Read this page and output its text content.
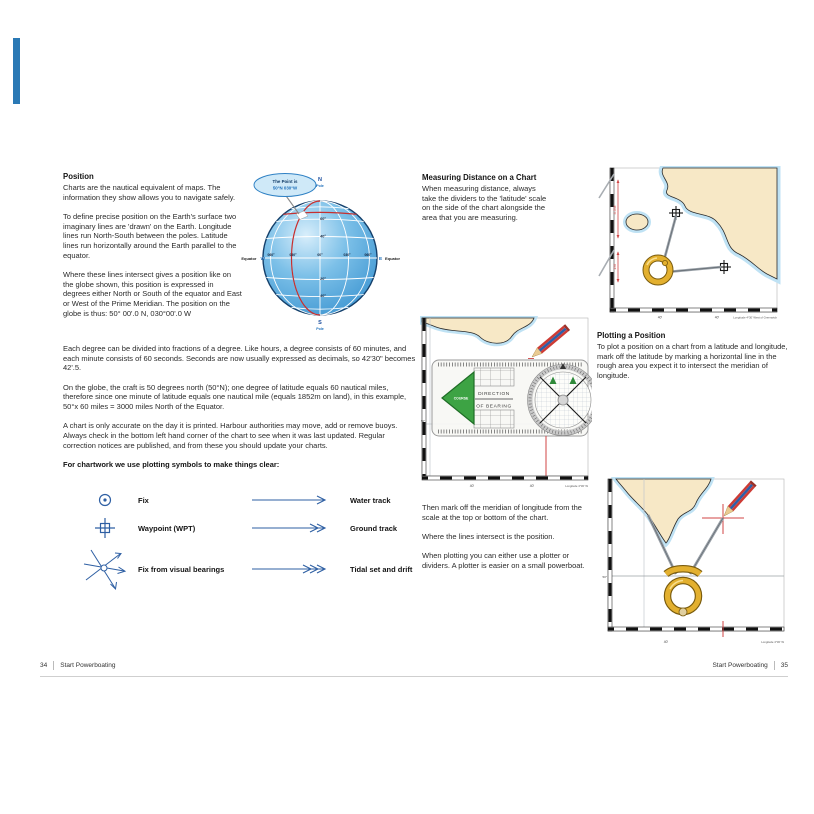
Position

Charts are the nautical equivalent of maps. The information they show allows you to navigate safely.

To define precise position on the Earth's surface two imaginary lines are 'drawn' on the Earth. Longitude lines run North-South between the poles. Latitude lines run horizontally around the Earth parallel to the equator.

Where these lines intersect gives a position like on the globe shown, this position is expressed in degrees either North or South of the equator and East or West of the Prime Meridian. The position on the globe is thus: 50° 00'.0 N, 030°00'.0 W

The Point is
50°N 030°W
N
Pole
S
Pole
Equator W	E Equator
60°
40°
20°
40°
060°	030°	00°	030°	060°

Each degree can be divided into fractions of a degree. Like hours, a degree consists of 60 minutes, and each minute consists of 60 seconds. Seconds are now usually expressed as decimals, so 42'30" becomes 42'.5.

On the globe, the craft is 50 degrees north (50°N); one degree of latitude equals 60 nautical miles, therefore since one minute of latitude equals one nautical mile (equals 1852m on land), in this example, 50°x 60 miles = 3000 miles North of the Equator.

A chart is only accurate on the day it is printed. Harbour authorities may move, add or remove buoys. Always check in the bottom left hand corner of the chart to see when it was last updated. Regular correction notices are published, and from these you should update your charts.

For chartwork we use plotting symbols to make things clear:

Fix	Water track
Waypoint (WPT)	Ground track
Fix from visual bearings	Tidal set and drift
Measuring Distance on a Chart

When measuring distance, always take the dividers to the 'latitude' scale on the side of the chart alongside the area that you are measuring.

4.5M
1M
40'	40'	Longitude 4°30' West of Greenwich
50°
COURSE
DIRECTION
OF BEARING
40'	40'	Longitude 4°30' W
Plotting a Position

To plot a position on a chart from a latitude and longitude, mark off the latitude by marking a horizontal line in the rough area you expect it to intersect the meridian of longitude.

Then mark off the meridian of longitude from the scale at the top or bottom of the chart.

Where the lines intersect is the position.

When plotting you can either use a plotter or dividers. A plotter is easier on a small powerboat.

50°
40'	Longitude 4°30' W
34 Start Powerboating	Start Powerboating 35
